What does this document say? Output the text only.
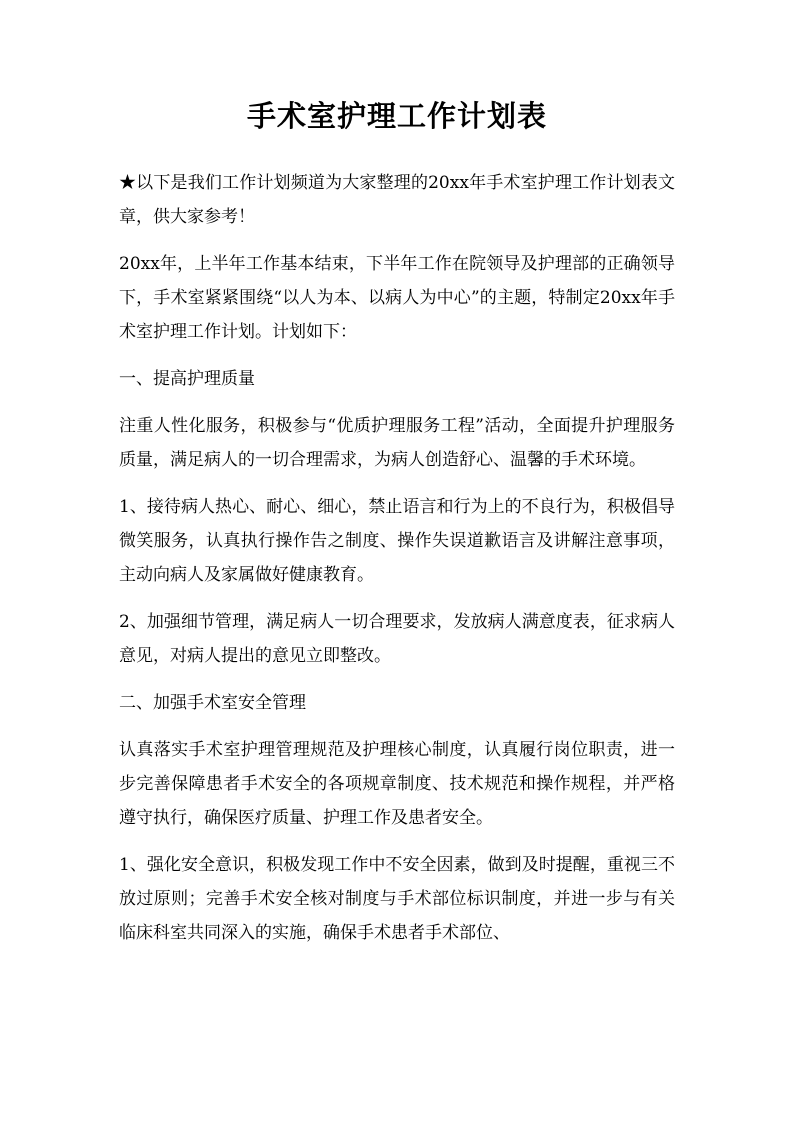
手术室护理工作计划表

★以下是我们工作计划频道为大家整理的20xx年手术室护理工作计划表文章，供大家参考！

20xx年，上半年工作基本结束，下半年工作在院领导及护理部的正确领导下，手术室紧紧围绕“以人为本、以病人为中心”的主题，特制定20xx年手术室护理工作计划。计划如下：

一、提高护理质量

注重人性化服务，积极参与“优质护理服务工程”活动，全面提升护理服务质量，满足病人的一切合理需求，为病人创造舒心、温馨的手术环境。

1、接待病人热心、耐心、细心，禁止语言和行为上的不良行为，积极倡导微笑服务，认真执行操作告之制度、操作失误道歉语言及讲解注意事项，主动向病人及家属做好健康教育。

2、加强细节管理，满足病人一切合理要求，发放病人满意度表，征求病人意见，对病人提出的意见立即整改。

二、加强手术室安全管理

认真落实手术室护理管理规范及护理核心制度，认真履行岗位职责，进一步完善保障患者手术安全的各项规章制度、技术规范和操作规程，并严格遵守执行，确保医疗质量、护理工作及患者安全。

1、强化安全意识，积极发现工作中不安全因素，做到及时提醒，重视三不放过原则；完善手术安全核对制度与手术部位标识制度，并进一步与有关临床科室共同深入的实施，确保手术患者手术部位、
